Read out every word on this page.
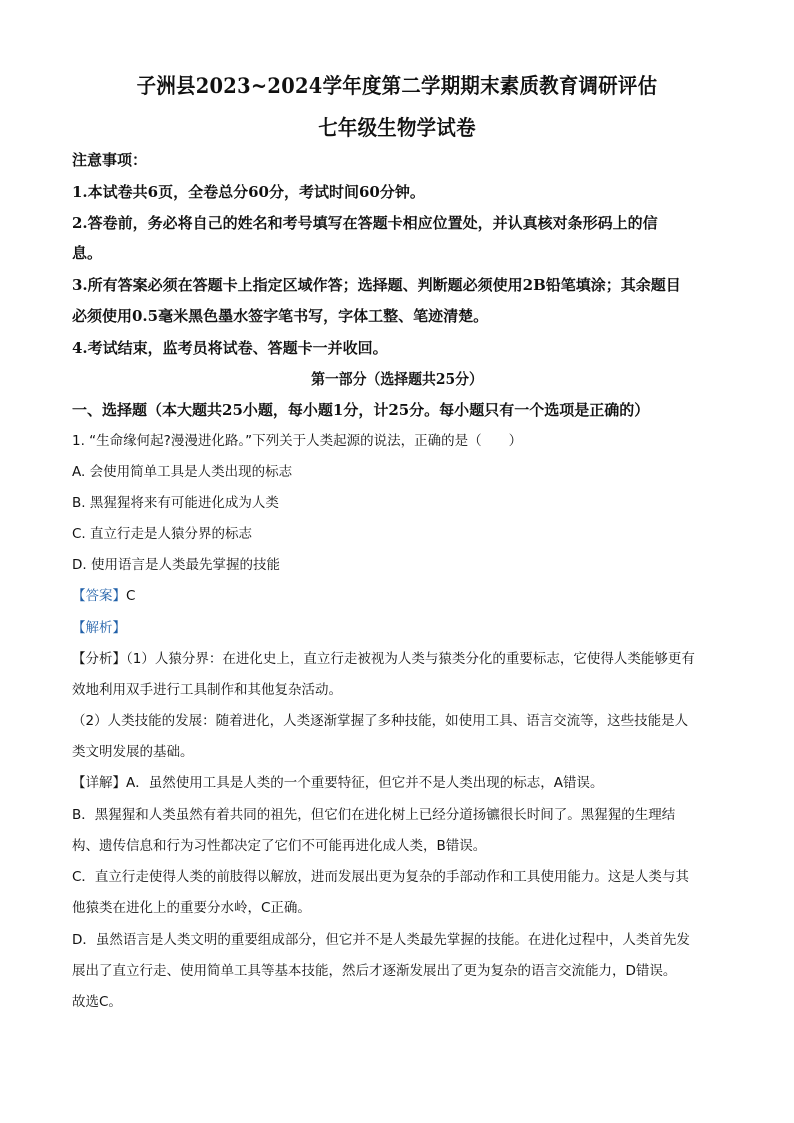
子洲县2023~2024学年度第二学期期末素质教育调研评估
七年级生物学试卷
注意事项：
1.本试卷共6页，全卷总分60分，考试时间60分钟。
2.答卷前，务必将自己的姓名和考号填写在答题卡相应位置处，并认真核对条形码上的信
息。
3.所有答案必须在答题卡上指定区域作答；选择题、判断题必须使用2B铅笔填涂；其余题目
必须使用0.5毫米黑色墨水签字笔书写，字体工整、笔迹清楚。
4.考试结束，监考员将试卷、答题卡一并收回。
第一部分（选择题共25分）
一、选择题（本大题共25小题，每小题1分，计25分。每小题只有一个选项是正确的）
1. “生命缘何起?漫漫进化路。”下列关于人类起源的说法，正确的是（　　）
A. 会使用简单工具是人类出现的标志
B. 黑猩猩将来有可能进化成为人类
C. 直立行走是人猿分界的标志
D. 使用语言是人类最先掌握的技能
【答案】C
【解析】
【分析】（1）人猿分界：在进化史上，直立行走被视为人类与猿类分化的重要标志，它使得人类能够更有
效地利用双手进行工具制作和其他复杂活动。
（2）人类技能的发展：随着进化，人类逐渐掌握了多种技能，如使用工具、语言交流等，这些技能是人
类文明发展的基础。
【详解】A．虽然使用工具是人类的一个重要特征，但它并不是人类出现的标志，A错误。
B．黑猩猩和人类虽然有着共同的祖先，但它们在进化树上已经分道扬镳很长时间了。黑猩猩的生理结
构、遗传信息和行为习性都决定了它们不可能再进化成人类，B错误。
C．直立行走使得人类的前肢得以解放，进而发展出更为复杂的手部动作和工具使用能力。这是人类与其
他猿类在进化上的重要分水岭，C正确。
D．虽然语言是人类文明的重要组成部分，但它并不是人类最先掌握的技能。在进化过程中，人类首先发
展出了直立行走、使用简单工具等基本技能，然后才逐渐发展出了更为复杂的语言交流能力，D错误。
故选C。
